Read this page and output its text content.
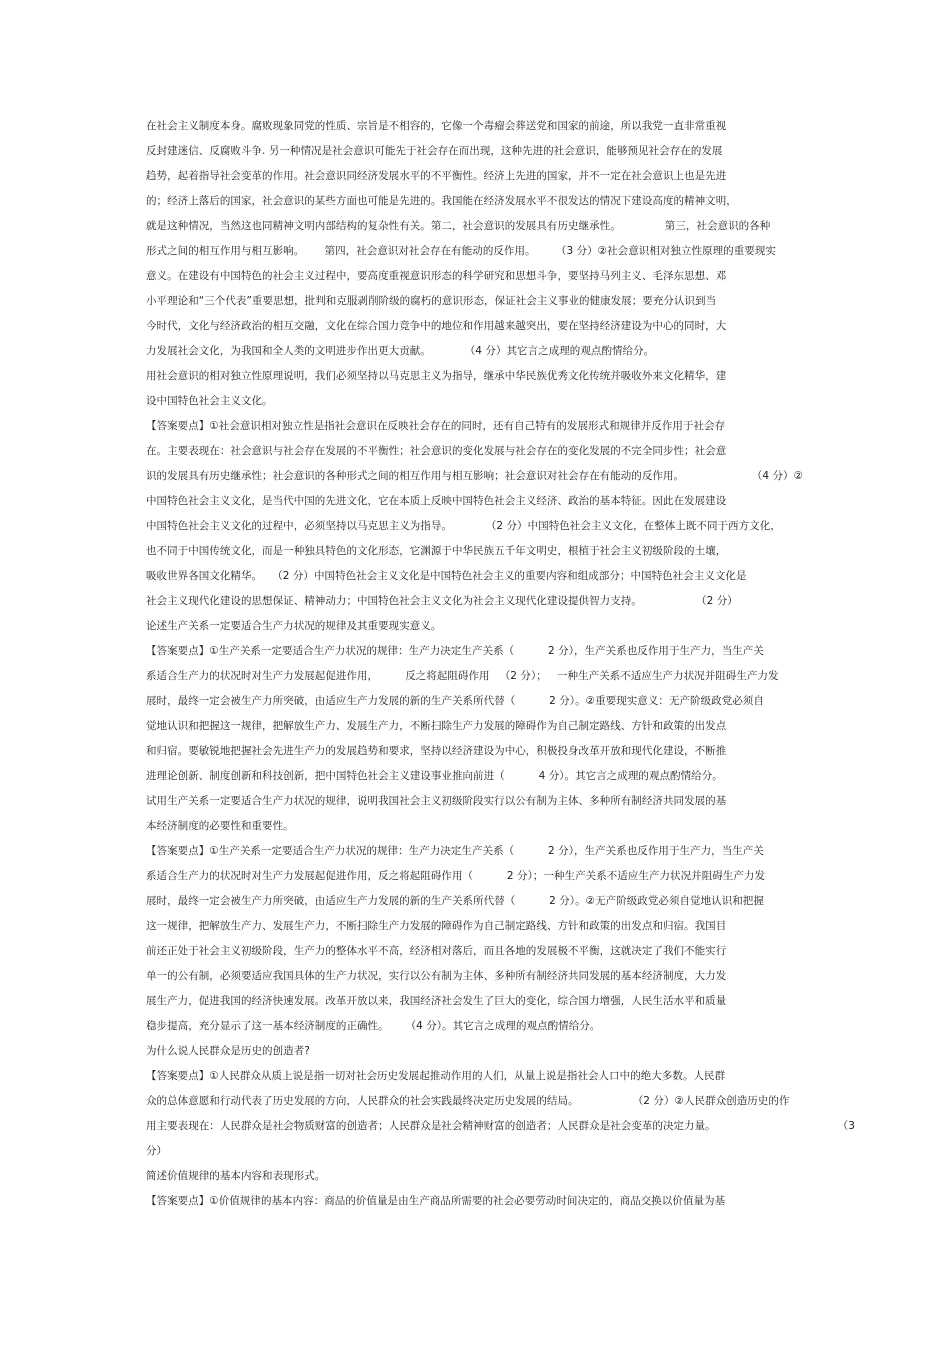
在社会主义制度本身。腐败现象同党的性质、宗旨是不相容的，它像一个毒瘤会葬送党和国家的前途，所以我党一直非常重视
反封建迷信、反腐败斗争. 另一种情况是社会意识可能先于社会存在而出现，这种先进的社会意识，能够预见社会存在的发展
趋势，起着指导社会变革的作用。社会意识同经济发展水平的不平衡性。经济上先进的国家，并不一定在社会意识上也是先进
的；经济上落后的国家，社会意识的某些方面也可能是先进的。我国能在经济发展水平不很发达的情况下建设高度的精神文明，
就是这种情况，当然这也同精神文明内部结构的复杂性有关。第二，社会意识的发展具有历史继承性。             第三，社会意识的各种
形式之间的相互作用与相互影响。      第四，社会意识对社会存在有能动的反作用。      （3 分）②社会意识相对独立性原理的重要现实
意义。在建设有中国特色的社会主义过程中，要高度重视意识形态的科学研究和思想斗争，要坚持马列主义、毛泽东思想、邓
小平理论和“三个代表”重要思想，批判和克服剥削阶级的腐朽的意识形态，保证社会主义事业的健康发展；要充分认识到当
今时代，文化与经济政治的相互交融，文化在综合国力竞争中的地位和作用越来越突出，要在坚持经济建设为中心的同时，大
力发展社会文化，为我国和全人类的文明进步作出更大贡献。          （4 分）其它言之成理的观点酌情给分。
用社会意识的相对独立性原理说明，我们必须坚持以马克思主义为指导，继承中华民族优秀文化传统并吸收外来文化精华，建
设中国特色社会主义文化。
【答案要点】①社会意识相对独立性是指社会意识在反映社会存在的同时，还有自己特有的发展形式和规律并反作用于社会存
在。主要表现在：社会意识与社会存在发展的不平衡性；社会意识的变化发展与社会存在的变化发展的不完全同步性；社会意
识的发展具有历史继承性；社会意识的各种形式之间的相互作用与相互影响；社会意识对社会存在有能动的反作用。                    （4 分）②
中国特色社会主义文化，是当代中国的先进文化，它在本质上反映中国特色社会主义经济、政治的基本特征。因此在发展建设
中国特色社会主义文化的过程中，必须坚持以马克思主义为指导。          （2 分）中国特色社会主义文化，在整体上既不同于西方文化，
也不同于中国传统文化，而是一种独具特色的文化形态，它渊源于中华民族五千年文明史，根植于社会主义初级阶段的土壤，
吸收世界各国文化精华。   （2 分）中国特色社会主义文化是中国特色社会主义的重要内容和组成部分；中国特色社会主义文化是
社会主义现代化建设的思想保证、精神动力；中国特色社会主义文化为社会主义现代化建设提供智力支持。                （2 分）
论述生产关系一定要适合生产力状况的规律及其重要现实意义。
【答案要点】①生产关系一定要适合生产力状况的规律：生产力决定生产关系（          2 分），生产关系也反作用于生产力，当生产关
系适合生产力的状况时对生产力发展起促进作用，        反之将起阻碍作用   （2 分）；   一种生产关系不适应生产力状况并阻碍生产力发
展时，最终一定会被生产力所突破，由适应生产力发展的新的生产关系所代替（          2 分）。②重要现实意义：无产阶级政党必须自
觉地认识和把握这一规律，把解放生产力、发展生产力，不断扫除生产力发展的障碍作为自己制定路线、方针和政策的出发点
和归宿。要敏锐地把握社会先进生产力的发展趋势和要求，坚持以经济建设为中心，积极投身改革开放和现代化建设，不断推
进理论创新、制度创新和科技创新，把中国特色社会主义建设事业推向前进（          4 分）。其它言之成理的观点酌情给分。
试用生产关系一定要适合生产力状况的规律，说明我国社会主义初级阶段实行以公有制为主体、多种所有制经济共同发展的基
本经济制度的必要性和重要性。
【答案要点】①生产关系一定要适合生产力状况的规律：生产力决定生产关系（          2 分），生产关系也反作用于生产力，当生产关
系适合生产力的状况时对生产力发展起促进作用，反之将起阻碍作用（          2 分）；一种生产关系不适应生产力状况并阻碍生产力发
展时，最终一定会被生产力所突破，由适应生产力发展的新的生产关系所代替（          2 分）。②无产阶级政党必须自觉地认识和把握
这一规律，把解放生产力、发展生产力，不断扫除生产力发展的障碍作为自己制定路线、方针和政策的出发点和归宿。我国目
前还正处于社会主义初级阶段，生产力的整体水平不高，经济相对落后，而且各地的发展极不平衡，这就决定了我们不能实行
单一的公有制，必须要适应我国具体的生产力状况，实行以公有制为主体、多种所有制经济共同发展的基本经济制度，大力发
展生产力，促进我国的经济快速发展。改革开放以来，我国经济社会发生了巨大的变化，综合国力增强，人民生活水平和质量
稳步提高，充分显示了这一基本经济制度的正确性。     （4 分）。其它言之成理的观点酌情给分。
为什么说人民群众是历史的创造者?
【答案要点】①人民群众从质上说是指一切对社会历史发展起推动作用的人们，从量上说是指社会人口中的绝大多数。人民群
众的总体意愿和行动代表了历史发展的方向，人民群众的社会实践最终决定历史发展的结局。                （2 分）②人民群众创造历史的作
用主要表现在：人民群众是社会物质财富的创造者；人民群众是社会精神财富的创造者；人民群众是社会变革的决定力量。                                    （3
分）
简述价值规律的基本内容和表现形式。
【答案要点】①价值规律的基本内容：商品的价值量是由生产商品所需要的社会必要劳动时间决定的，商品交换以价值量为基
